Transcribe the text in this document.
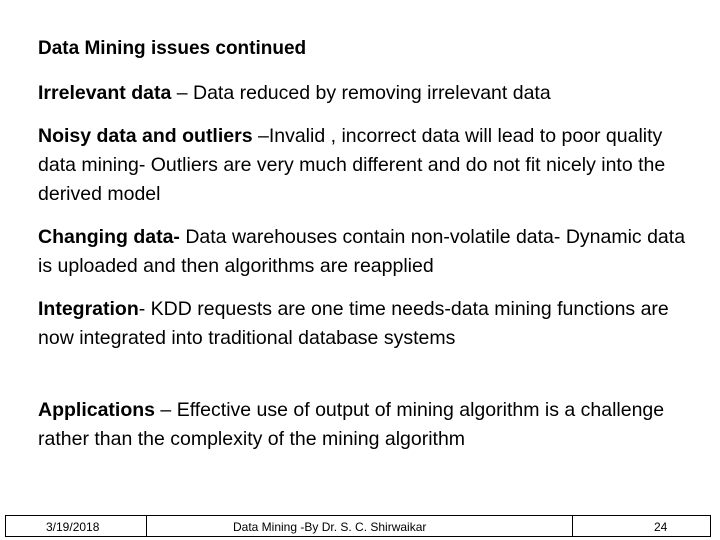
Data Mining issues continued
Irrelevant data – Data reduced by removing irrelevant data
Noisy data and outliers –Invalid , incorrect data will lead to poor quality data mining- Outliers are very much different and do not fit nicely into the derived model
Changing data- Data warehouses contain non-volatile data- Dynamic data is uploaded and then algorithms are reapplied
Integration- KDD requests are one time needs-data mining functions are now integrated into traditional database systems
Applications – Effective use of output of mining algorithm is a challenge rather than the complexity of the mining algorithm
3/19/2018	Data Mining -By Dr. S. C. Shirwaikar	24
